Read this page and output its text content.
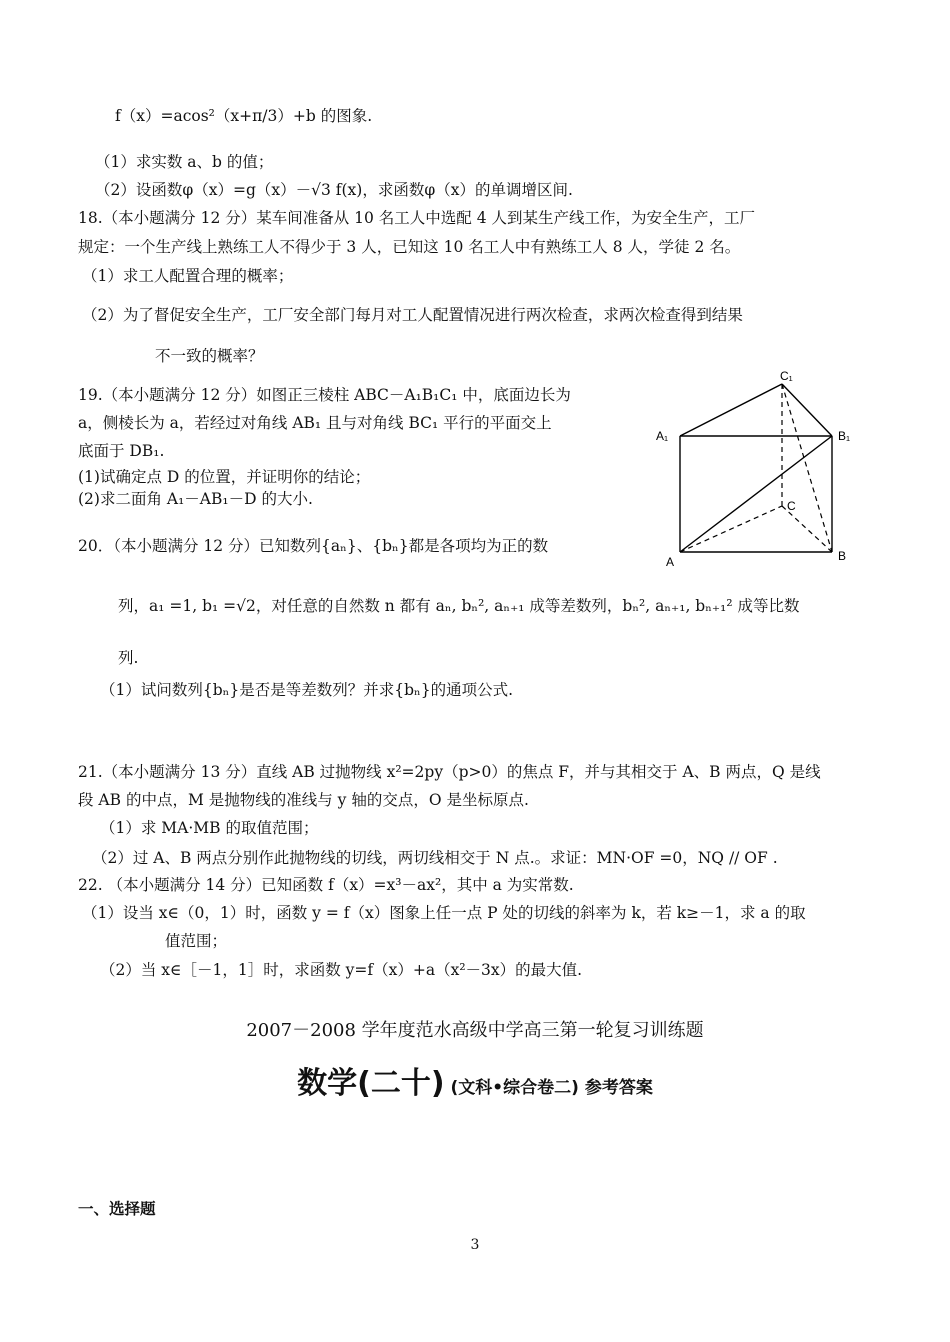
f（x）=acos²（x+π/3）+b 的图象.
（1）求实数 a、b 的值；
（2）设函数φ（x）=g（x）－√3 f(x)，求函数φ（x）的单调增区间.
18.（本小题满分 12 分）某车间准备从 10 名工人中选配 4 人到某生产线工作，为安全生产，工厂
规定：一个生产线上熟练工人不得少于 3 人，已知这 10 名工人中有熟练工人 8 人，学徒 2 名。
（1）求工人配置合理的概率；
（2）为了督促安全生产，工厂安全部门每月对工人配置情况进行两次检查，求两次检查得到结果
不一致的概率？
19.（本小题满分 12 分）如图正三棱柱 ABC－A₁B₁C₁ 中，底面边长为
a，侧棱长为 a，若经过对角线 AB₁ 且与对角线 BC₁ 平行的平面交上
底面于 DB₁.
(1)试确定点 D 的位置，并证明你的结论；
(2)求二面角 A₁－AB₁－D 的大小.
C₁
A₁	B₁
C
A	B
20．（本小题满分 12 分）已知数列{aₙ}、{bₙ}都是各项均为正的数
列，a₁ =1, b₁ =√2，对任意的自然数 n 都有 aₙ, bₙ², aₙ₊₁ 成等差数列，bₙ², aₙ₊₁, bₙ₊₁² 成等比数
列.
（1）试问数列{bₙ}是否是等差数列？并求{bₙ}的通项公式.
21.（本小题满分 13 分）直线 AB 过抛物线 x²=2py（p>0）的焦点 F，并与其相交于 A、B 两点，Q 是线
段 AB 的中点，M 是抛物线的准线与 y 轴的交点，O 是坐标原点.
（1）求 MA·MB 的取值范围；
（2）过 A、B 两点分别作此抛物线的切线，两切线相交于 N 点.。求证：MN·OF =0，NQ // OF .
22. （本小题满分 14 分）已知函数 f（x）=x³－ax²，其中 a 为实常数.
（1）设当 x∈（0，1）时，函数 y = f（x）图象上任一点 P 处的切线的斜率为 k，若 k≥－1，求 a 的取
值范围；
（2）当 x∈［－1，1］时，求函数 y=f（x）+a（x²－3x）的最大值.
2007－2008 学年度范水高级中学高三第一轮复习训练题
数学(二十) (文科•综合卷二) 参考答案
一、选择题
3
